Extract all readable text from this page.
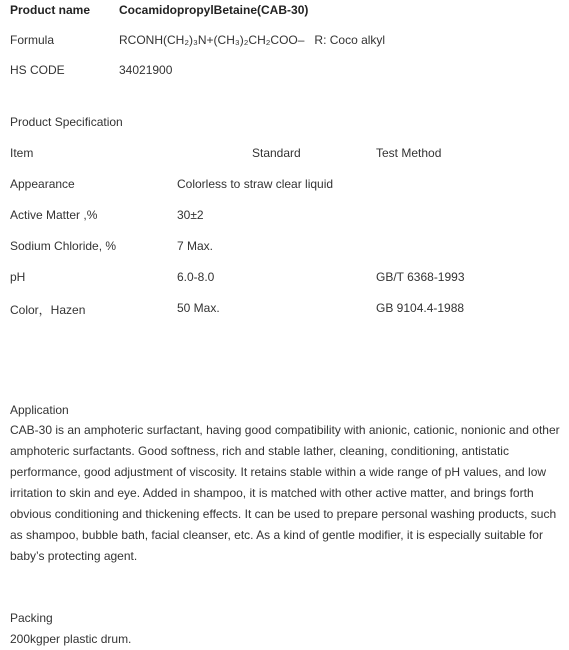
Product name CocamidopropylBetaine(CAB-30)
Formula	RCONH(CH₂)₃N+(CH₃)₂CH₂COO–   R: Coco alkyl
HS CODE	34021900
Product Specification
Item	Standard	Test Method
Appearance	Colorless to straw clear liquid
Active Matter ,%	30±2
Sodium Chloride, %	7 Max.
pH	6.0-8.0	GB/T 6368-1993
Color，Hazen	50 Max.	GB 9104.4-1988
Application
CAB-30 is an amphoteric surfactant, having good compatibility with anionic, cationic, nonionic and other amphoteric surfactants. Good softness, rich and stable lather, cleaning, conditioning, antistatic performance, good adjustment of viscosity. It retains stable within a wide range of pH values, and low irritation to skin and eye. Added in shampoo, it is matched with other active matter, and brings forth obvious conditioning and thickening effects. It can be used to prepare personal washing products, such as shampoo, bubble bath, facial cleanser, etc. As a kind of gentle modifier, it is especially suitable for baby’s protecting agent.
Packing
200kgper plastic drum.
